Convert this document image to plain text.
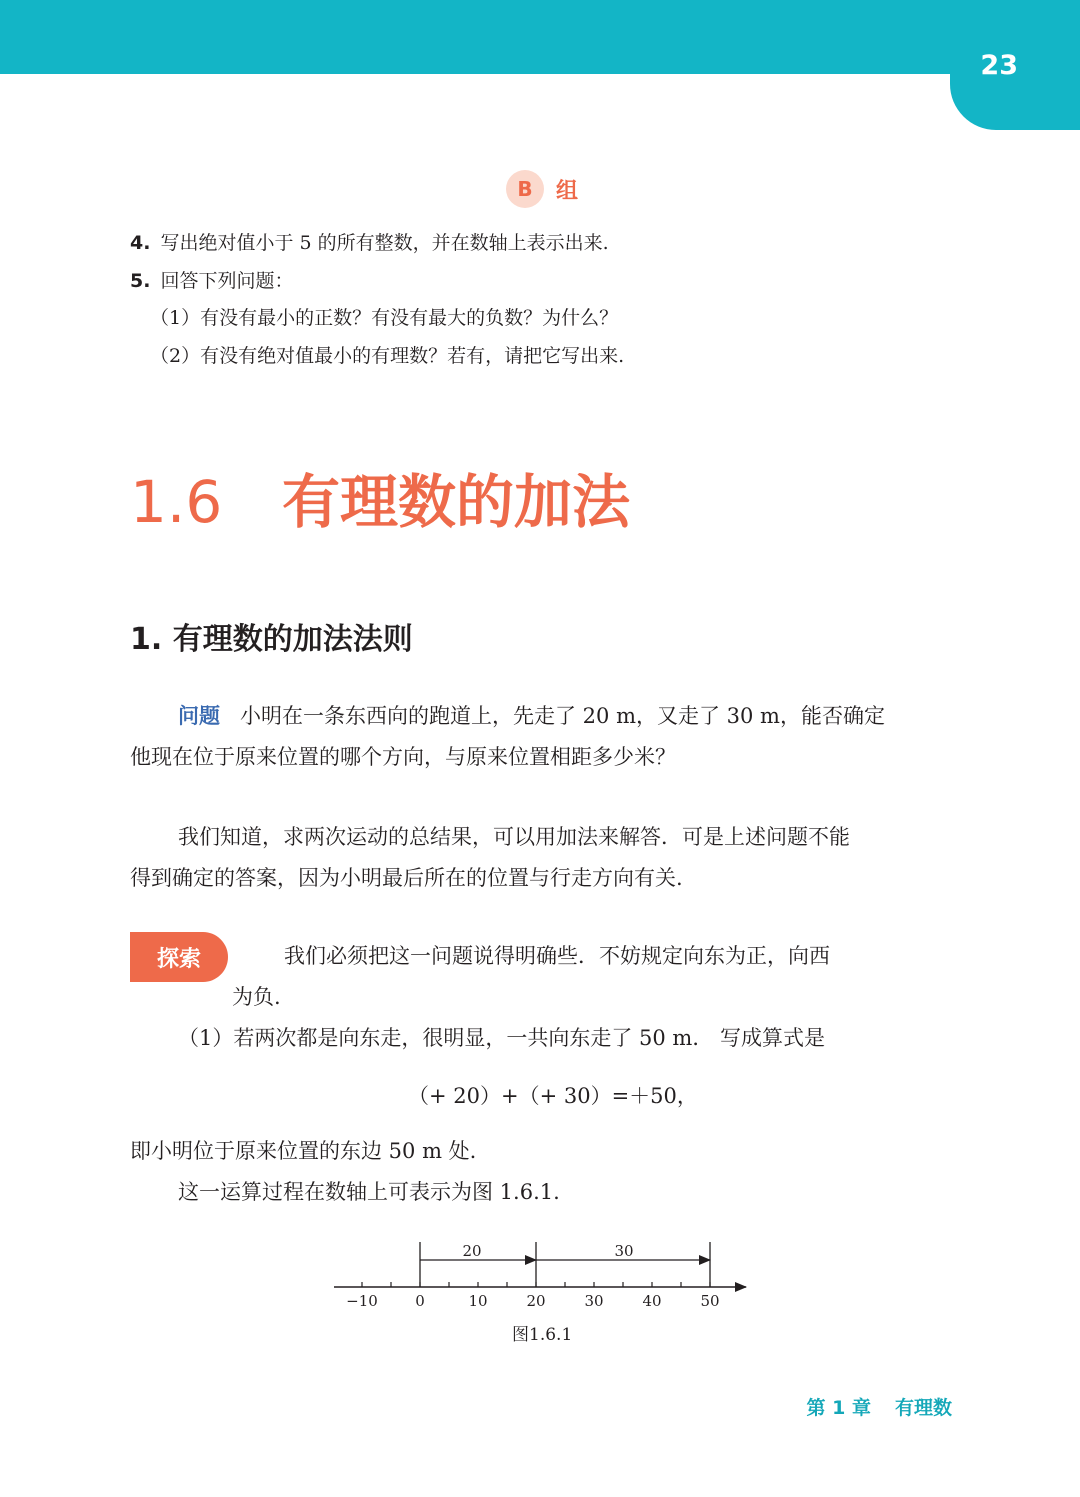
23
B	组
4. 写出绝对值小于 5 的所有整数，并在数轴上表示出来.
5. 回答下列问题：
（1）有没有最小的正数？有没有最大的负数？为什么？
（2）有没有绝对值最小的有理数？若有，请把它写出来.
1.6 有理数的加法
1. 有理数的加法法则
问题 小明在一条东西向的跑道上，先走了 20 m，又走了 30 m，能否确定
他现在位于原来位置的哪个方向，与原来位置相距多少米？
我们知道，求两次运动的总结果，可以用加法来解答．可是上述问题不能
得到确定的答案，因为小明最后所在的位置与行走方向有关.
探索	我们必须把这一问题说得明确些．不妨规定向东为正，向西
为负.
（1）若两次都是向东走，很明显，一共向东走了 50 m． 写成算式是
（+ 20）+（+ 30）=＋50，
即小明位于原来位置的东边 50 m 处.
这一运算过程在数轴上可表示为图 1.6.1.
20	30
−10 0	10	20	30	40	50
图1.6.1
第 1 章 有理数
